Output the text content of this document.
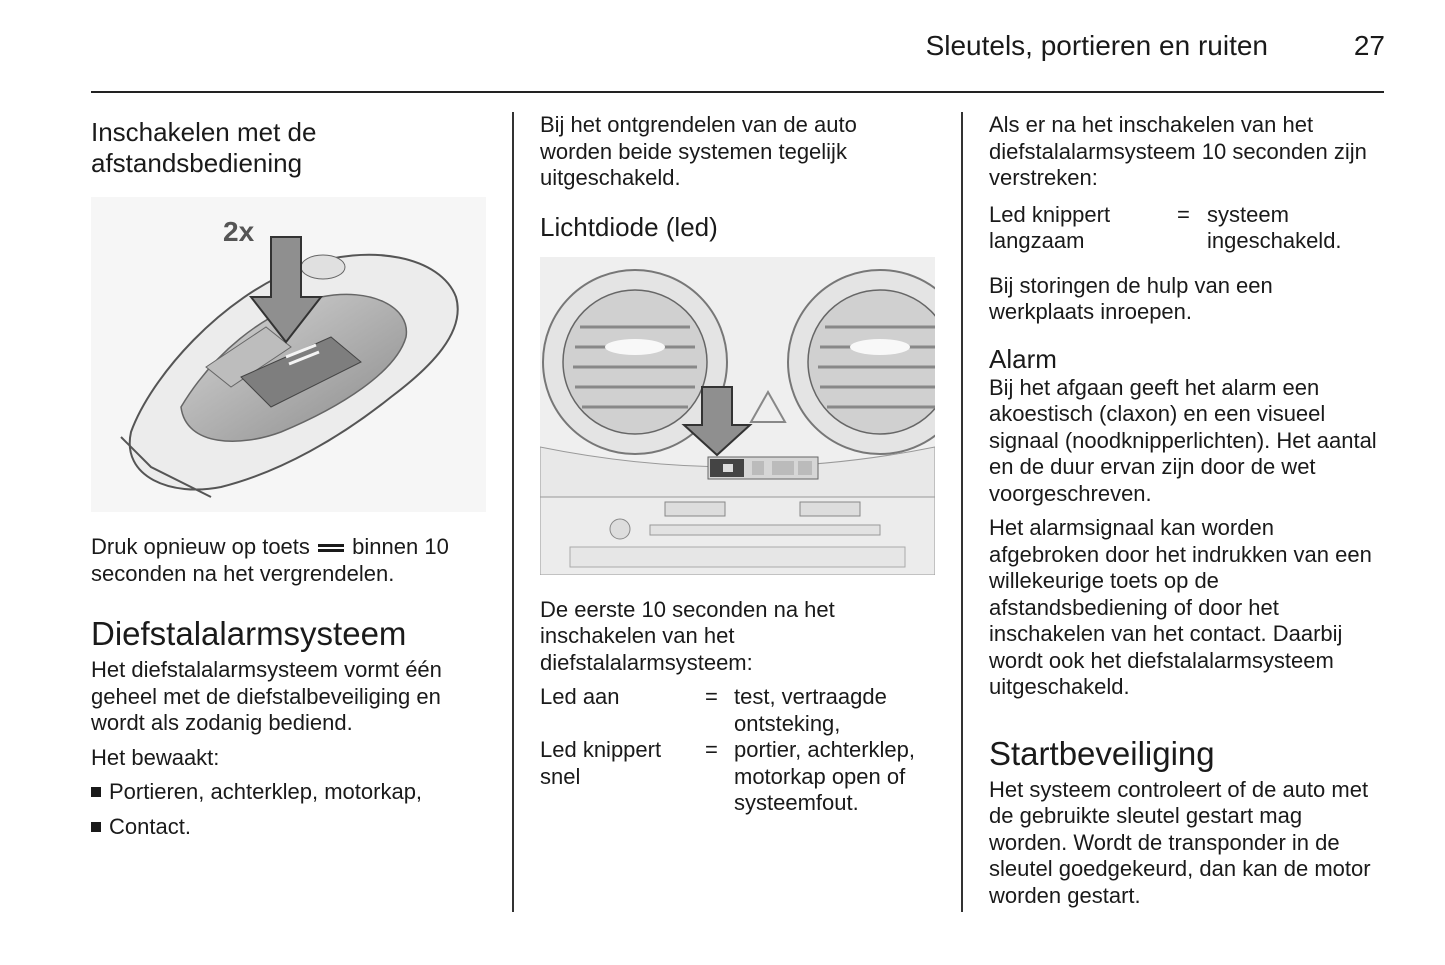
Sleutels, portieren en ruiten	27

Inschakelen met de afstandsbediening

2x

Druk opnieuw op toets binnen 10 seconden na het vergrendelen.

Diefstalalarmsysteem

Het diefstalalarmsysteem vormt één geheel met de diefstalbeveiliging en wordt als zodanig bediend.

Het bewaakt:

Portieren, achterklep, motorkap,
Contact.

Bij het ontgrendelen van de auto worden beide systemen tegelijk uitgeschakeld.

Lichtdiode (led)

De eerste 10 seconden na het inschakelen van het diefstalalarmsysteem:

Led aan	= test, vertraagde ontsteking,
Led knippert snel
= portier, achterklep, motorkap open of systeemfout.

Als er na het inschakelen van het diefstalalarmsysteem 10 seconden zijn verstreken:

Led knippert langzaam
= systeem ingeschakeld.

Bij storingen de hulp van een werkplaats inroepen.

Alarm

Bij het afgaan geeft het alarm een akoestisch (claxon) en een visueel signaal (noodknipperlichten). Het aantal en de duur ervan zijn door de wet voorgeschreven.

Het alarmsignaal kan worden afgebroken door het indrukken van een willekeurige toets op de afstandsbediening of door het inschakelen van het contact. Daarbij wordt ook het diefstalalarmsysteem uitgeschakeld.

Startbeveiliging

Het systeem controleert of de auto met de gebruikte sleutel gestart mag worden. Wordt de transponder in de sleutel goedgekeurd, dan kan de motor worden gestart.
